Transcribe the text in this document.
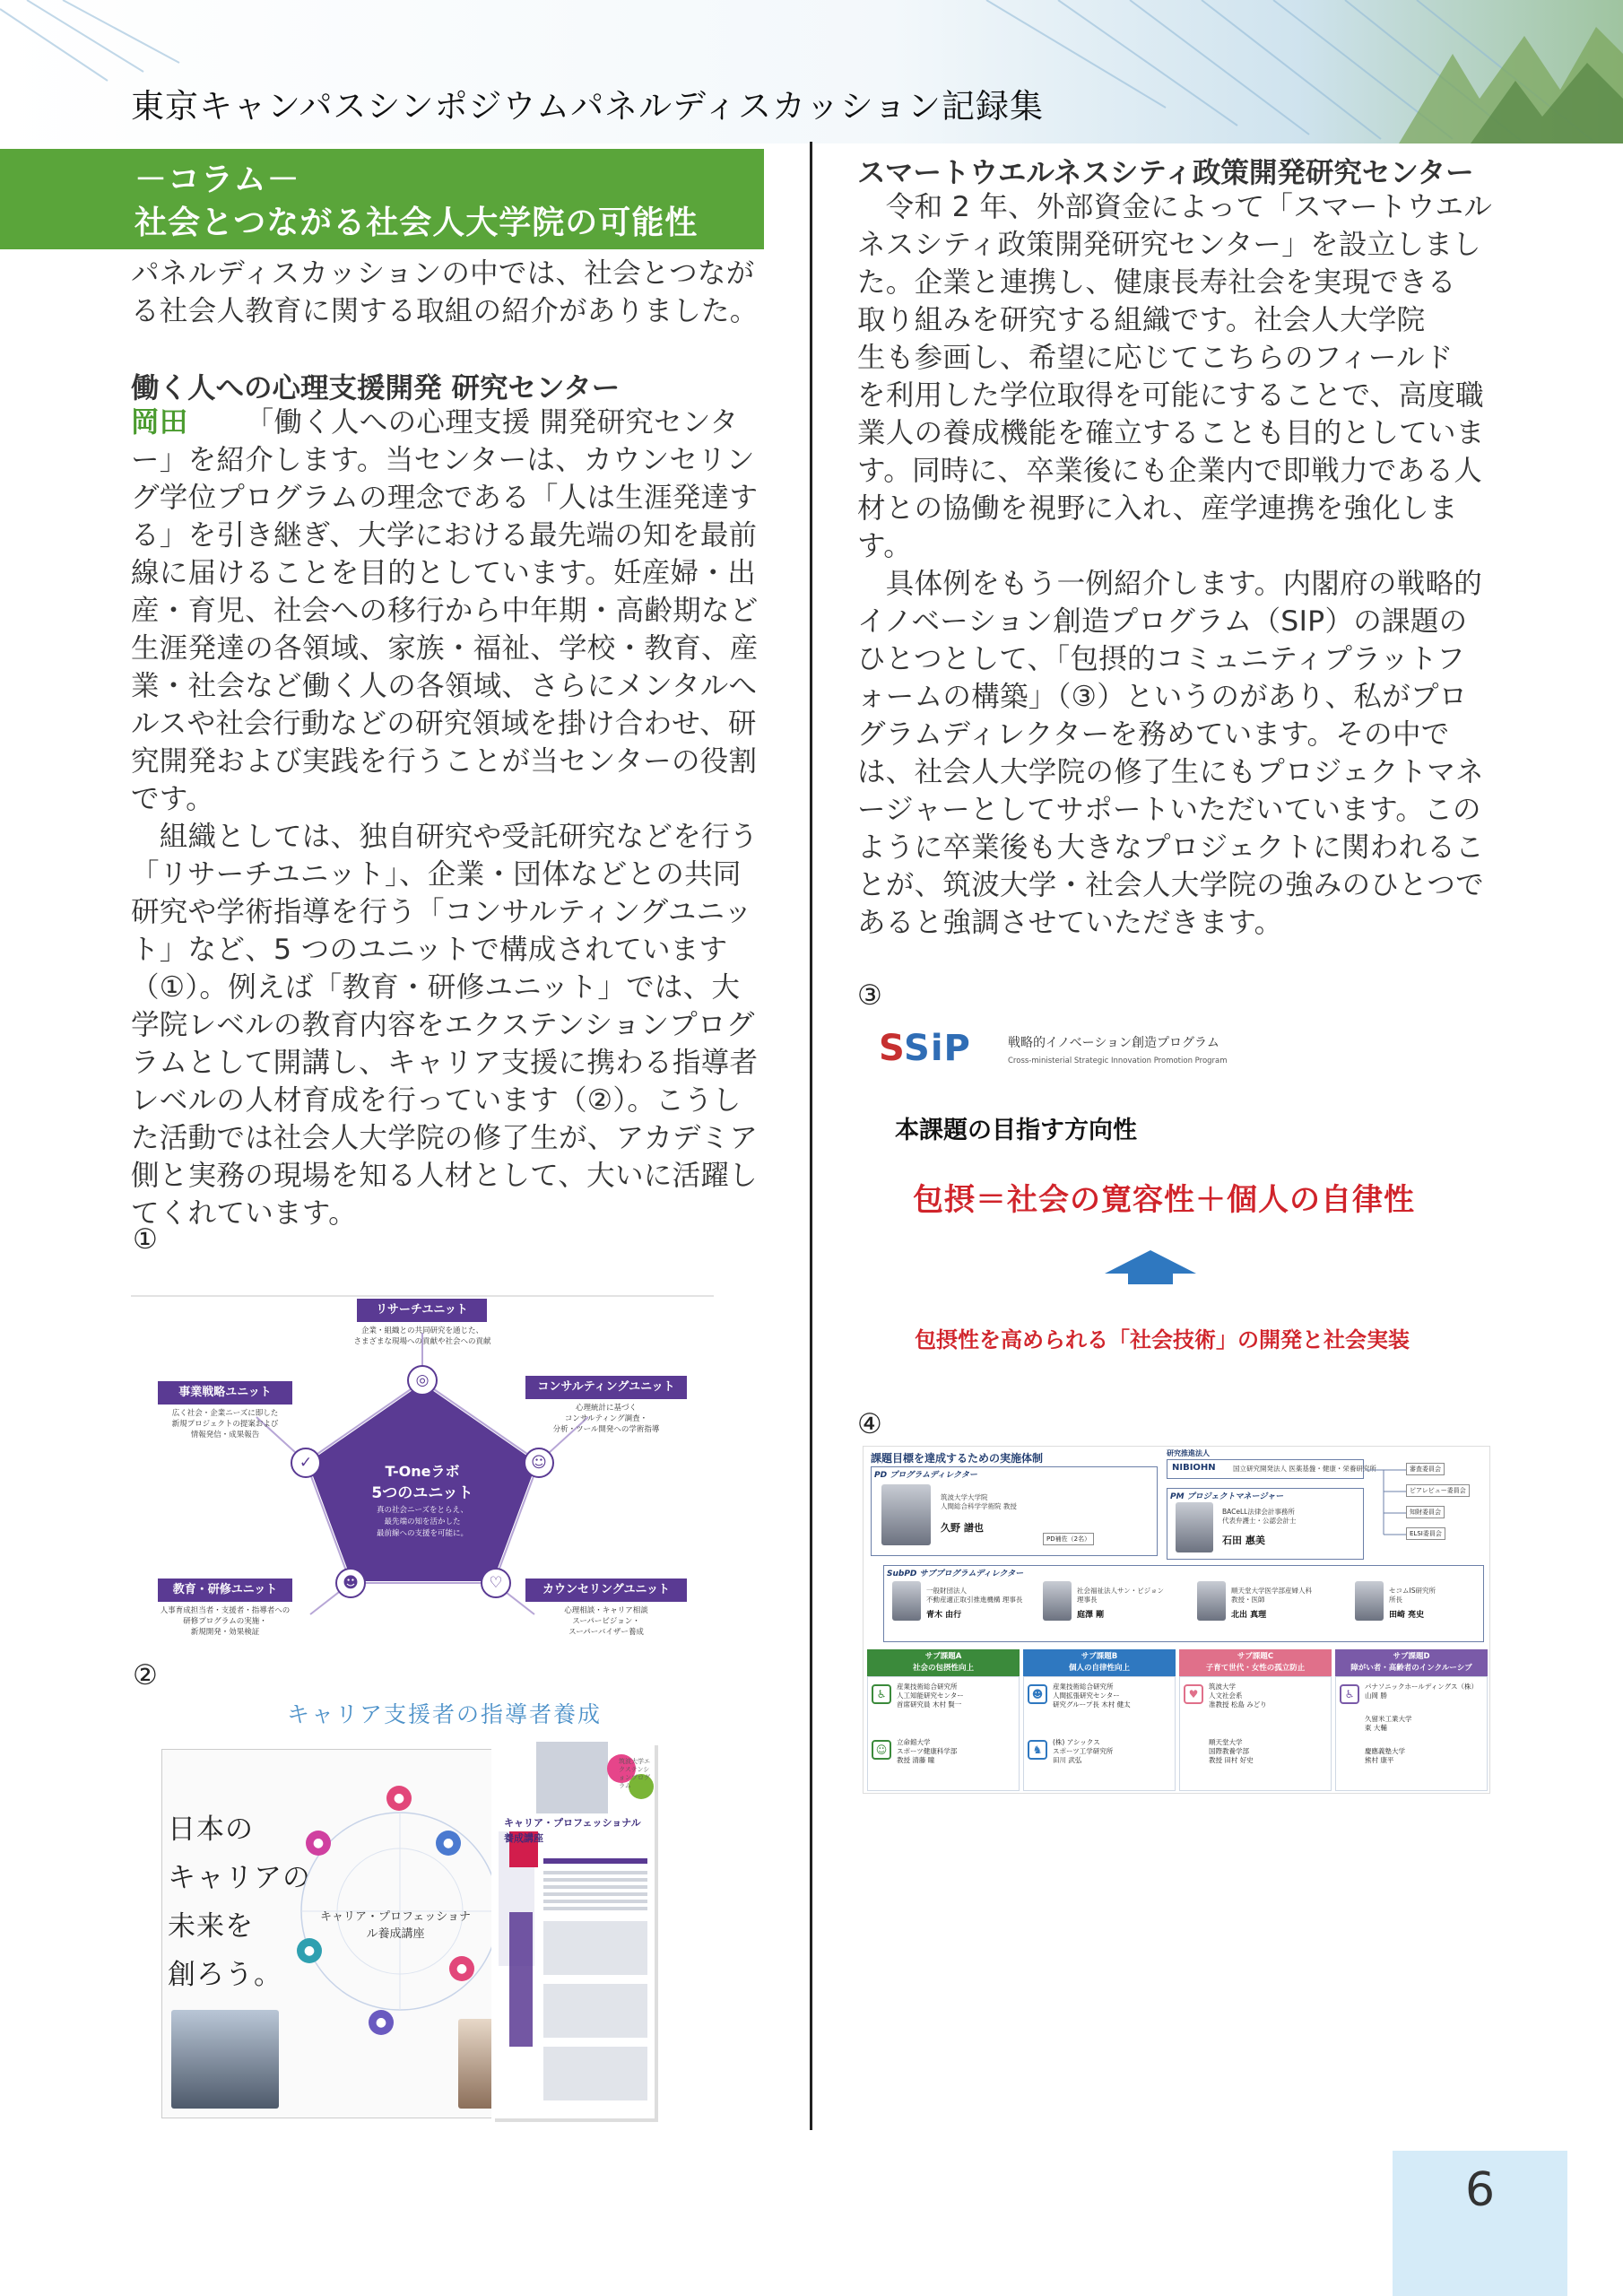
東京キャンパスシンポジウムパネルディスカッション記録集
－コラム－
社会とつながる社会人大学院の可能性
パネルディスカッションの中では、社会とつなが
る社会人教育に関する取組の紹介がありました。
働く人への心理支援開発 研究センター
岡田 「働く人への心理支援 開発研究センタ
ー」を紹介します。当センターは、カウンセリン
グ学位プログラムの理念である「人は生涯発達す
る」を引き継ぎ、大学における最先端の知を最前
線に届けることを目的としています。妊産婦・出
産・育児、社会への移行から中年期・高齢期など
生涯発達の各領域、家族・福祉、学校・教育、産
業・社会など働く人の各領域、さらにメンタルへ
ルスや社会行動などの研究領域を掛け合わせ、研
究開発および実践を行うことが当センターの役割
です。
　組織としては、独自研究や受託研究などを行う
「リサーチユニット」、企業・団体などとの共同
研究や学術指導を行う「コンサルティングユニッ
ト」など、5 つのユニットで構成されています
（①）。例えば「教育・研修ユニット」では、大
学院レベルの教育内容をエクステンションプログ
ラムとして開講し、キャリア支援に携わる指導者
レベルの人材育成を行っています（②）。こうし
た活動では社会人大学院の修了生が、アカデミア
側と実務の現場を知る人材として、大いに活躍し
てくれています。
①
◎
☺
♡
☻
✓	T-Oneラボ
5つのユニット
真の社会ニーズをとらえ、
最先端の知を活かした
最前線への支援を可能に。
リサーチユニット
企業・組織との共同研究を通じた、
さまざまな現場への貢献や社会への貢献
コンサルティングユニット
心理統計に基づく
コンサルティング調査・
分析・ツール開発への学術指導
カウンセリングユニット
心理相談・キャリア相談
スーパービジョン・
スーパーバイザー養成
教育・研修ユニット
人事育成担当者・支援者・指導者への
研修プログラムの実施・
新規開発・効果検証
事業戦略ユニット
広く社会・企業ニーズに即した
新規プロジェクトの提案および
情報発信・成果報告
②
キャリア支援者の指導者養成
日本の
キャリアの
未来を
創ろう。
●
●	●
●
●
●
キャリア・プロフェッショナル養成講座
キャリア・プロフェッショナル養成講座
筑波大学エクステンションプログラム
スマートウエルネスシティ政策開発研究センター
　令和 2 年、外部資金によって「スマートウエル
ネスシティ政策開発研究センター」を設立しまし
た。企業と連携し、健康長寿社会を実現できる
取り組みを研究する組織です。社会人大学院
生も参画し、希望に応じてこちらのフィールド
を利用した学位取得を可能にすることで、高度職
業人の養成機能を確立することも目的としていま
す。同時に、卒業後にも企業内で即戦力である人
材との協働を視野に入れ、産学連携を強化しま
す。
　具体例をもう一例紹介します。内閣府の戦略的
イノベーション創造プログラム（SIP）の課題の
ひとつとして、「包摂的コミュニティプラットフ
ォームの構築」（③）というのがあり、私がプロ
グラムディレクターを務めています。その中で
は、社会人大学院の修了生にもプロジェクトマネ
ージャーとしてサポートいただいています。この
ように卒業後も大きなプロジェクトに関われるこ
とが、筑波大学・社会人大学院の強みのひとつで
あると強調させていただきます。
③
SSiP	戦略的イノベーション創造プログラム
Cross-ministerial Strategic Innovation Promotion Program
本課題の目指す方向性
包摂＝社会の寛容性＋個人の自律性
包摂性を高められる「社会技術」の開発と社会実装
④
課題目標を達成するための実施体制
PD プログラムディレクター
筑波大学大学院
人間総合科学学術院 教授
久野 譜也
PD補佐（2名）
研究推進法人
NIBIOHN	国立研究開発法人 医薬基盤・健康・栄養研究所
PM プロジェクトマネージャー
BACeLL法律会計事務所
代表弁護士・公認会計士
石田 惠美
審査委員会
ピアレビュー委員会
知財委員会
ELSI委員会
SubPD サブプログラムディレクター
一般財団法人
不動産適正取引推進機構 理事長
青木 由行
社会福祉法人サン・ビジョン
理事長
庭澤 剛
順天堂大学医学部産婦人科
教授・医師
北出 真理
セコムIS研究所
所長
田崎 亮史
サブ課題A
社会の包摂性向上
♿
産業技術総合研究所
人工知能研究センター
首席研究員 木村 賢一
☺
立命館大学
スポーツ健康科学部
教授 清藤 瞳
サブ課題B
個人の自律性向上
☻
産業技術総合研究所
人間拡張研究センター
研究グループ長 木村 健太
♞
(株) アシックス
スポーツ工学研究所
田川 武弘
サブ課題C
子育て世代・女性の孤立防止
♥
筑波大学
人文社会系
准教授 松島 みどり
順天堂大学
国際教養学部
教授 田村 好史
サブ課題D
障がい者・高齢者のインクルーシブ
♿
パナソニックホールディングス（株）
山岡 勝
久留米工業大学
東 大輔
慶應義塾大学
熊村 康平
6
